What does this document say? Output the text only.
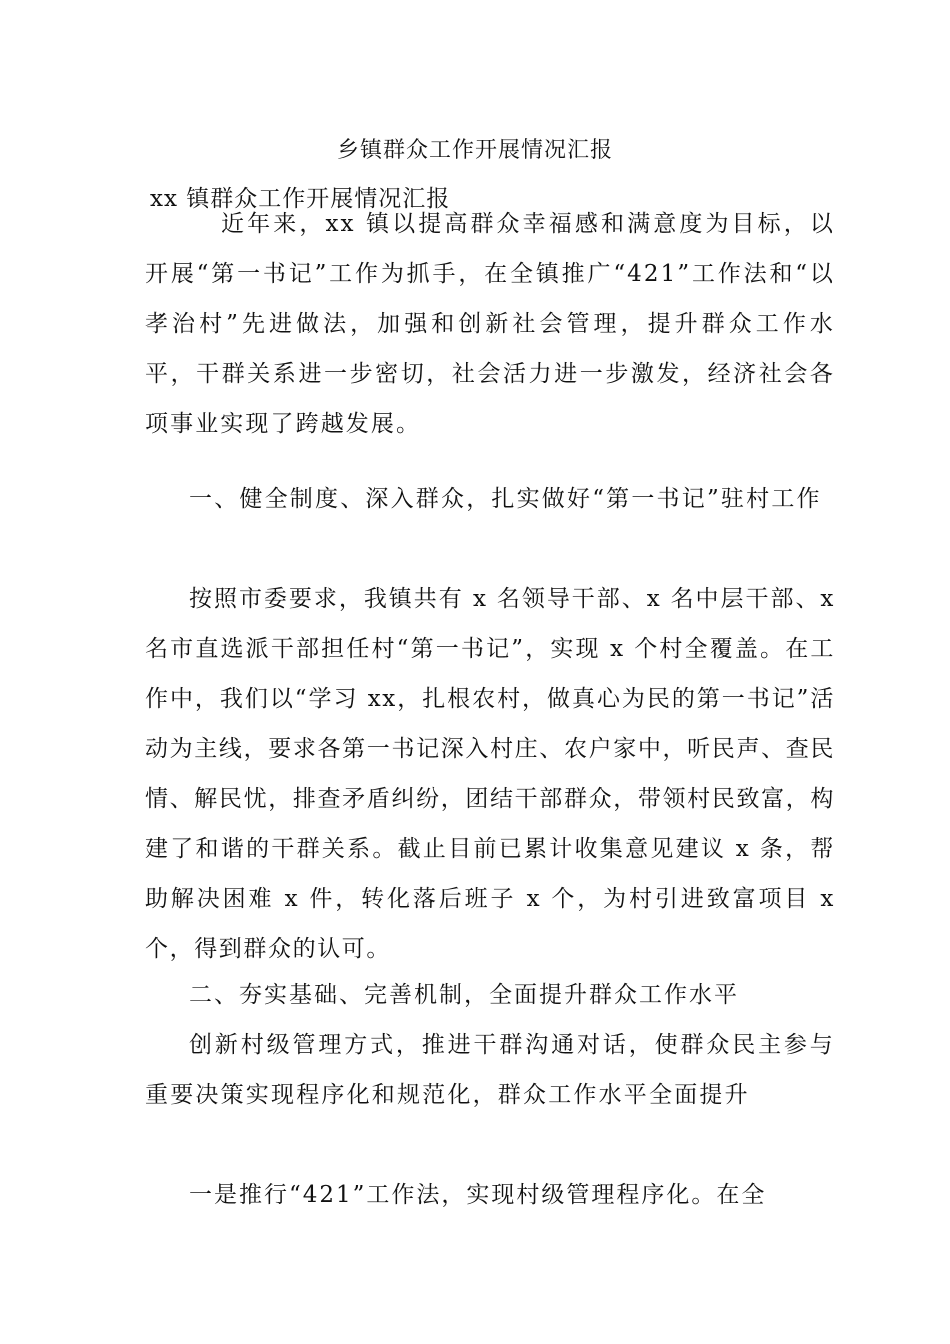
乡镇群众工作开展情况汇报
xx 镇群众工作开展情况汇报

近年来，xx 镇以提高群众幸福感和满意度为目标，以开展“第一书记”工作为抓手，在全镇推广“421”工作法和“以孝治村”先进做法，加强和创新社会管理，提升群众工作水平，干群关系进一步密切，社会活力进一步激发，经济社会各项事业实现了跨越发展。

一、健全制度、深入群众，扎实做好“第一书记”驻村工作

按照市委要求，我镇共有 x 名领导干部、x 名中层干部、x 名市直选派干部担任村“第一书记”，实现 x 个村全覆盖。在工作中，我们以“学习 xx，扎根农村，做真心为民的第一书记”活动为主线，要求各第一书记深入村庄、农户家中，听民声、查民情、解民忧，排查矛盾纠纷，团结干部群众，带领村民致富，构建了和谐的干群关系。截止目前已累计收集意见建议 x 条，帮助解决困难 x 件，转化落后班子 x 个，为村引进致富项目 x 个，得到群众的认可。

二、夯实基础、完善机制，全面提升群众工作水平

创新村级管理方式，推进干群沟通对话，使群众民主参与重要决策实现程序化和规范化，群众工作水平全面提升

一是推行“421”工作法，实现村级管理程序化。在全
